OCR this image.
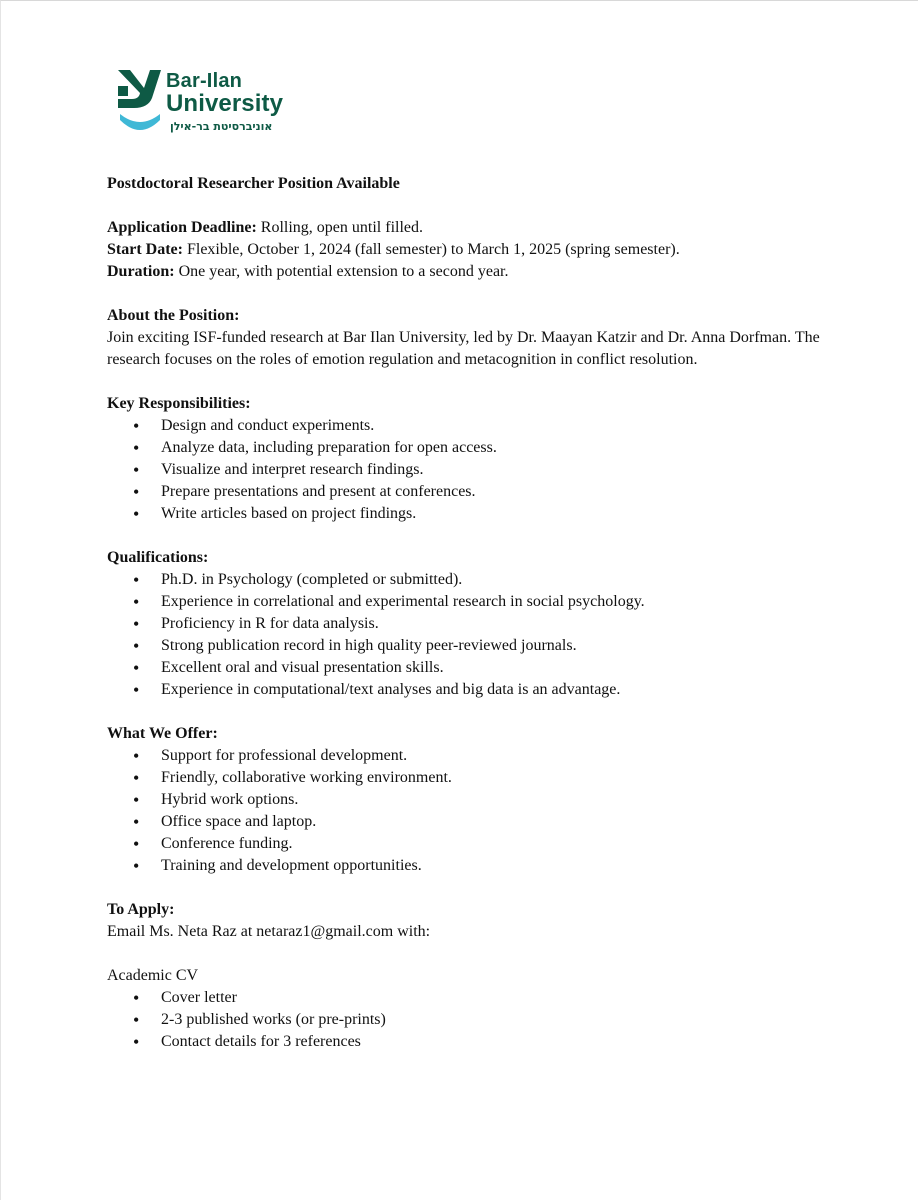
Bar-Ilan
University
אוניברסיטת בר-אילן

Postdoctoral Researcher Position Available

Application Deadline: Rolling, open until filled.

Start Date: Flexible, October 1, 2024 (fall semester) to March 1, 2025 (spring semester).

Duration: One year, with potential extension to a second year.

About the Position:

Join exciting ISF-funded research at Bar Ilan University, led by Dr. Maayan Katzir and Dr. Anna Dorfman. The research focuses on the roles of emotion regulation and metacognition in conflict resolution.

Key Responsibilities:

• Design and conduct experiments.
• Analyze data, including preparation for open access.
• Visualize and interpret research findings.
• Prepare presentations and present at conferences.
• Write articles based on project findings.

Qualifications:

• Ph.D. in Psychology (completed or submitted).
• Experience in correlational and experimental research in social psychology.
• Proficiency in R for data analysis.
• Strong publication record in high quality peer-reviewed journals.
• Excellent oral and visual presentation skills.
• Experience in computational/text analyses and big data is an advantage.

What We Offer:

• Support for professional development.
• Friendly, collaborative working environment.
• Hybrid work options.
• Office space and laptop.
• Conference funding.
• Training and development opportunities.

To Apply:

Email Ms. Neta Raz at netaraz1@gmail.com with:

Academic CV

• Cover letter
• 2-3 published works (or pre-prints)
• Contact details for 3 references
